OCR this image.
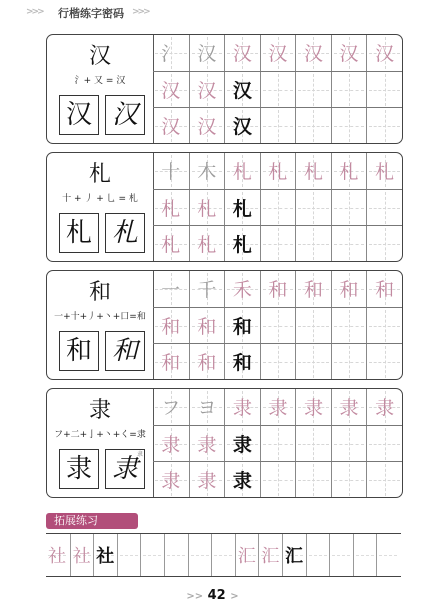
>>> 行楷练字密码 >>>
汉
氵+ 又 = 汉
汉 汉
氵 汉 汉 汉 汉 汉 汉
汉 汉 汉
汉 汉 汉
札
十 + 丿 + 乚 = 札
札 札
十 木 札 札 札 札 札
札 札 札
札 札 札
和
一+十+丿+丶+口=和
和 和
一 千 禾 和 和 和 和
和 和 和
和 和 和
隶
フ+二+亅+丶+く=隶
隶 隶
隶
フ ヨ 隶 隶 隶 隶 隶
隶 隶 隶
隶 隶 隶
拓展练习
社 社 社	汇 汇 汇
>> 42 >
